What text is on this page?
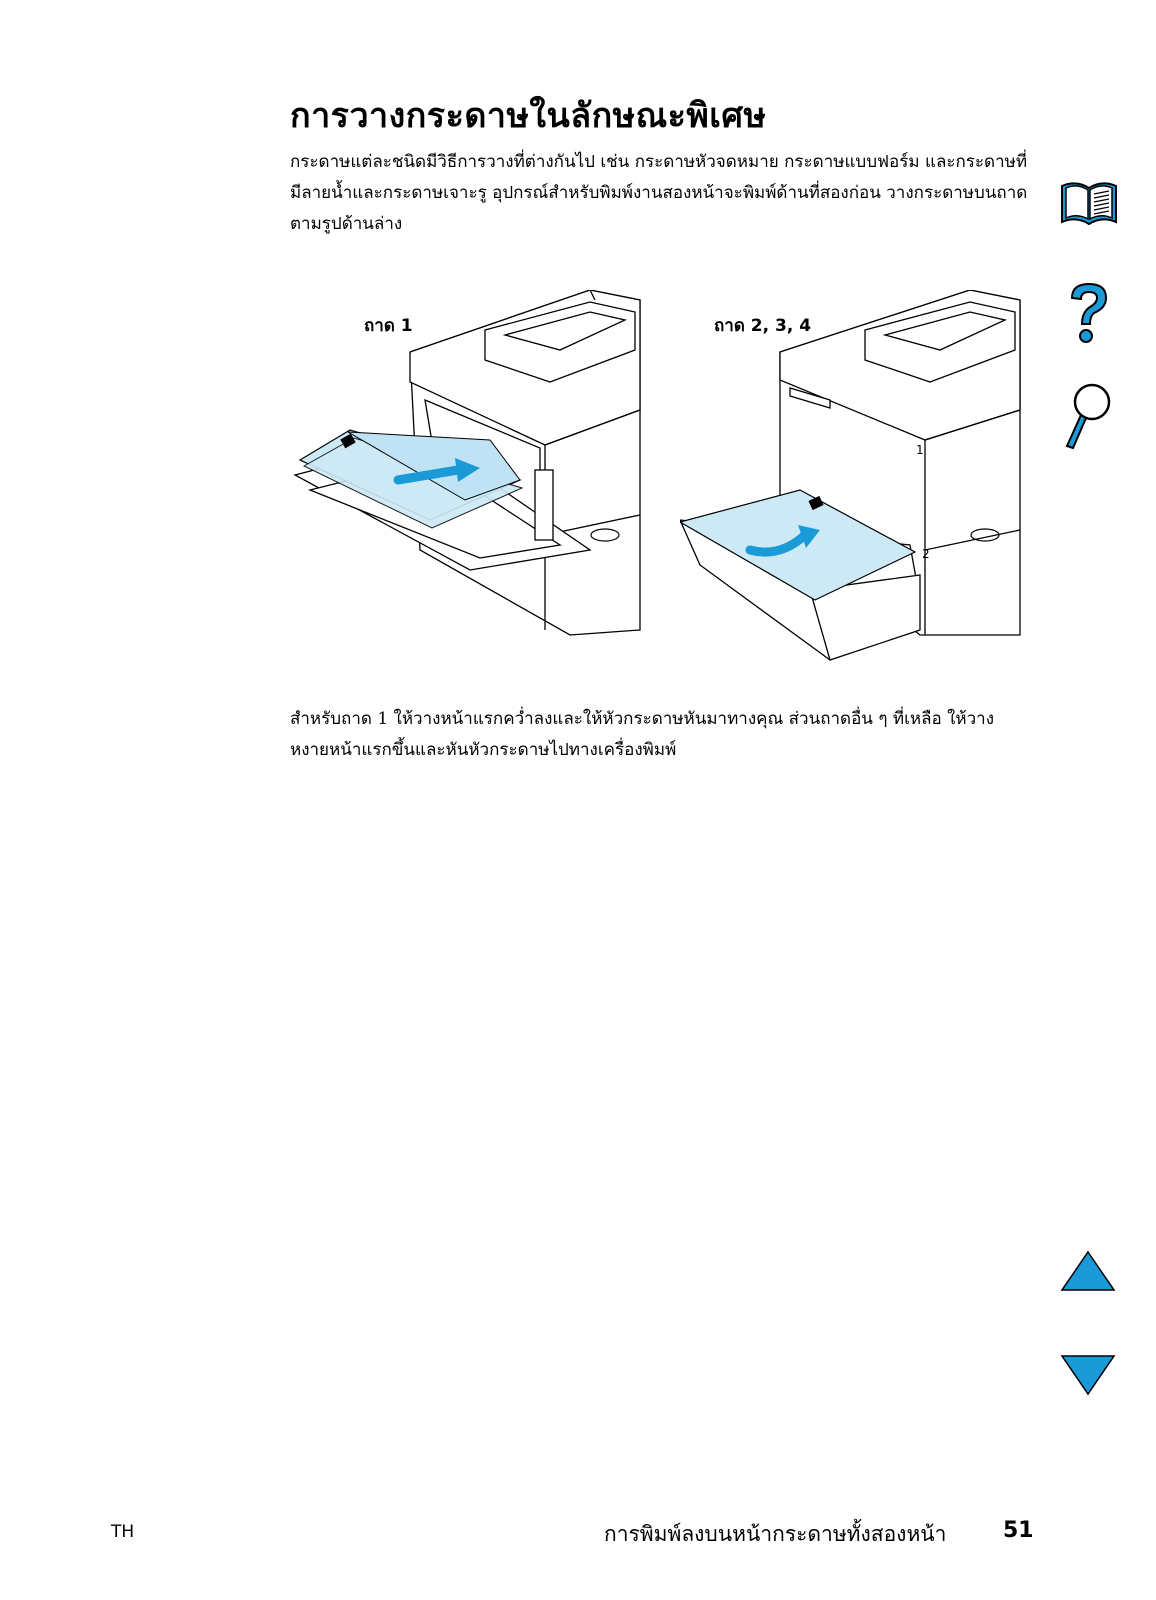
การวางกระดาษในลักษณะพิเศษ

กระดาษแต่ละชนิดมีวิธีการวางที่ต่างกันไป เช่น กระดาษหัวจดหมาย กระดาษแบบฟอร์ม และกระดาษที่มีลายน้ำและกระดาษเจาะรู อุปกรณ์สำหรับพิมพ์งานสองหน้าจะพิมพ์ด้านที่สองก่อน วางกระดาษบนถาดตามรูปด้านล่าง

ถาด 1	ถาด 2, 3, 4
1
2

สำหรับถาด 1 ให้วางหน้าแรกคว่ำลงและให้หัวกระดาษหันมาทางคุณ ส่วนถาดอื่น ๆ ที่เหลือ ให้วางหงายหน้าแรกขึ้นและหันหัวกระดาษไปทางเครื่องพิมพ์

TH	การพิมพ์ลงบนหน้ากระดาษทั้งสองหน้า	51
